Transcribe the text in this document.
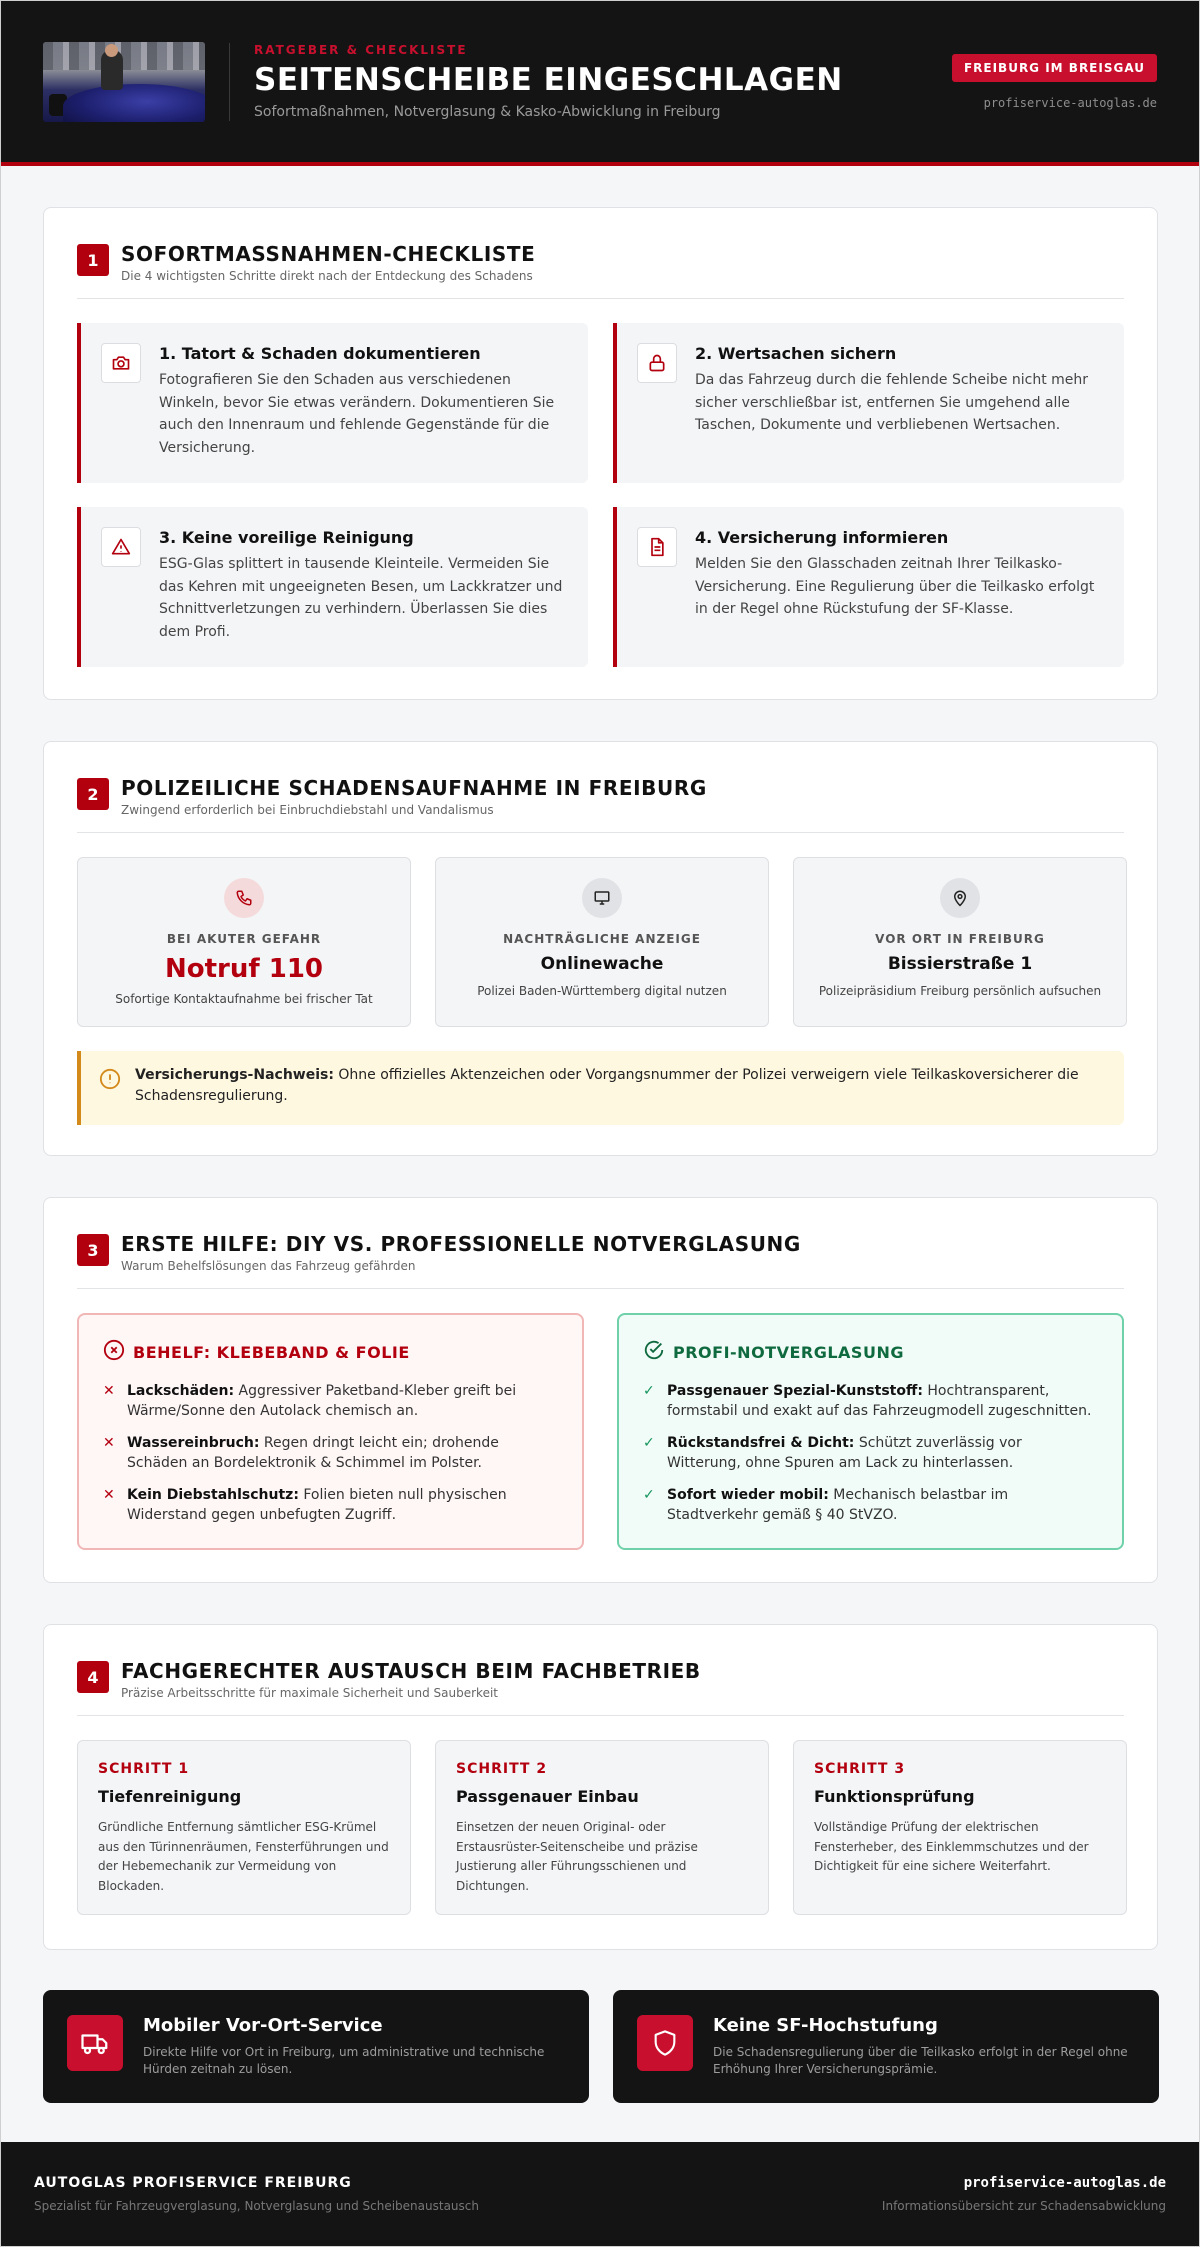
RATGEBER & CHECKLISTE
SEITENSCHEIBE EINGESCHLAGEN
Sofortmaßnahmen, Notverglasung & Kasko-Abwicklung in Freiburg
FREIBURG IM BREISGAU
profiservice-autoglas.de
1	SOFORTMASSNAHMEN-CHECKLISTE
Die 4 wichtigsten Schritte direkt nach der Entdeckung des Schadens
1. Tatort & Schaden dokumentieren
Fotografieren Sie den Schaden aus verschiedenen Winkeln, bevor Sie etwas verändern. Dokumentieren Sie auch den Innenraum und fehlende Gegenstände für die Versicherung.
2. Wertsachen sichern
Da das Fahrzeug durch die fehlende Scheibe nicht mehr sicher verschließbar ist, entfernen Sie umgehend alle Taschen, Dokumente und verbliebenen Wertsachen.
3. Keine voreilige Reinigung
ESG-Glas splittert in tausende Kleinteile. Vermeiden Sie das Kehren mit ungeeigneten Besen, um Lackkratzer und Schnittverletzungen zu verhindern. Überlassen Sie dies dem Profi.
4. Versicherung informieren
Melden Sie den Glasschaden zeitnah Ihrer Teilkasko-Versicherung. Eine Regulierung über die Teilkasko erfolgt in der Regel ohne Rückstufung der SF-Klasse.
2	POLIZEILICHE SCHADENSAUFNAHME IN FREIBURG
Zwingend erforderlich bei Einbruchdiebstahl und Vandalismus
BEI AKUTER GEFAHR
Notruf 110
Sofortige Kontaktaufnahme bei frischer Tat
NACHTRÄGLICHE ANZEIGE
Onlinewache
Polizei Baden-Württemberg digital nutzen
VOR ORT IN FREIBURG
Bissierstraße 1
Polizeipräsidium Freiburg persönlich aufsuchen
Versicherungs-Nachweis: Ohne offizielles Aktenzeichen oder Vorgangsnummer der Polizei verweigern viele Teilkaskoversicherer die Schadensregulierung.
3	ERSTE HILFE: DIY VS. PROFESSIONELLE NOTVERGLASUNG
Warum Behelfslösungen das Fahrzeug gefährden
BEHELF: KLEBEBAND & FOLIE
✕ Lackschäden: Aggressiver Paketband-Kleber greift bei Wärme/Sonne den Autolack chemisch an.
✕ Wassereinbruch: Regen dringt leicht ein; drohende Schäden an Bordelektronik & Schimmel im Polster.
✕ Kein Diebstahlschutz: Folien bieten null physischen Widerstand gegen unbefugten Zugriff.
PROFI-NOTVERGLASUNG
✓ Passgenauer Spezial-Kunststoff: Hochtransparent, formstabil und exakt auf das Fahrzeugmodell zugeschnitten.
✓ Rückstandsfrei & Dicht: Schützt zuverlässig vor Witterung, ohne Spuren am Lack zu hinterlassen.
✓ Sofort wieder mobil: Mechanisch belastbar im Stadtverkehr gemäß § 40 StVZO.
4	FACHGERECHTER AUSTAUSCH BEIM FACHBETRIEB
Präzise Arbeitsschritte für maximale Sicherheit und Sauberkeit
SCHRITT 1
Tiefenreinigung
Gründliche Entfernung sämtlicher ESG-Krümel aus den Türinnenräumen, Fensterführungen und der Hebemechanik zur Vermeidung von Blockaden.
SCHRITT 2
Passgenauer Einbau
Einsetzen der neuen Original- oder Erstausrüster-Seitenscheibe und präzise Justierung aller Führungsschienen und Dichtungen.
SCHRITT 3
Funktionsprüfung
Vollständige Prüfung der elektrischen Fensterheber, des Einklemmschutzes und der Dichtigkeit für eine sichere Weiterfahrt.
Mobiler Vor-Ort-Service
Direkte Hilfe vor Ort in Freiburg, um administrative und technische Hürden zeitnah zu lösen.
Keine SF-Hochstufung
Die Schadensregulierung über die Teilkasko erfolgt in der Regel ohne Erhöhung Ihrer Versicherungsprämie.
AUTOGLAS PROFISERVICE FREIBURG
Spezialist für Fahrzeugverglasung, Notverglasung und Scheibenaustausch
profiservice-autoglas.de
Informationsübersicht zur Schadensabwicklung
